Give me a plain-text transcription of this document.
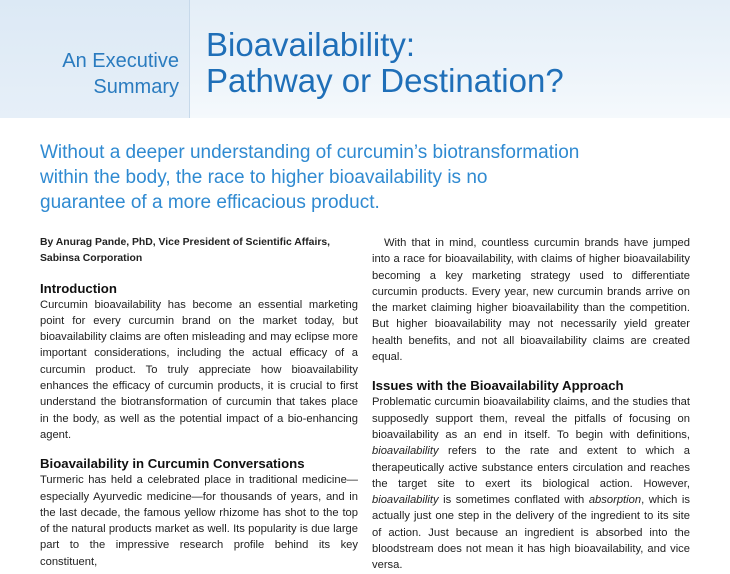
An Executive
Summary
Bioavailability:
Pathway or Destination?
Without a deeper understanding of curcumin’s biotransformation
within the body, the race to higher bioavailability is no
guarantee of a more efficacious product.
By Anurag Pande, PhD, Vice President of Scientific Affairs,
Sabinsa Corporation
Introduction

Curcumin bioavailability has become an essential marketing point for every curcumin brand on the market today, but bioavailability claims are often misleading and may eclipse more important considerations, including the actual efficacy of a curcumin product. To truly appreciate how bioavailability enhances the efficacy of curcumin products, it is crucial to first understand the biotransformation of curcumin that takes place in the body, as well as the potential impact of a bio-enhancing agent.

Bioavailability in Curcumin Conversations

Turmeric has held a celebrated place in traditional medicine—especially Ayurvedic medicine—for thousands of years, and in the last decade, the famous yellow rhizome has shot to the top of the natural products market as well. Its popularity is due large part to the impressive research profile behind its key constituent,

With that in mind, countless curcumin brands have jumped into a race for bioavailability, with claims of higher bioavailability becoming a key marketing strategy used to differentiate curcumin products. Every year, new curcumin brands arrive on the market claiming higher bioavailability than the competition. But higher bioavailability may not necessarily yield greater health benefits, and not all bioavailability claims are created equal.

Issues with the Bioavailability Approach

Problematic curcumin bioavailability claims, and the studies that supposedly support them, reveal the pitfalls of focusing on bioavailability as an end in itself. To begin with definitions, bioavailability refers to the rate and extent to which a therapeutically active substance enters circulation and reaches the target site to exert its biological action. However, bioavailability is sometimes conflated with absorption, which is actually just one step in the delivery of the ingredient to its site of action. Just because an ingredient is absorbed into the bloodstream does not mean it has high bioavailability, and vice versa.
